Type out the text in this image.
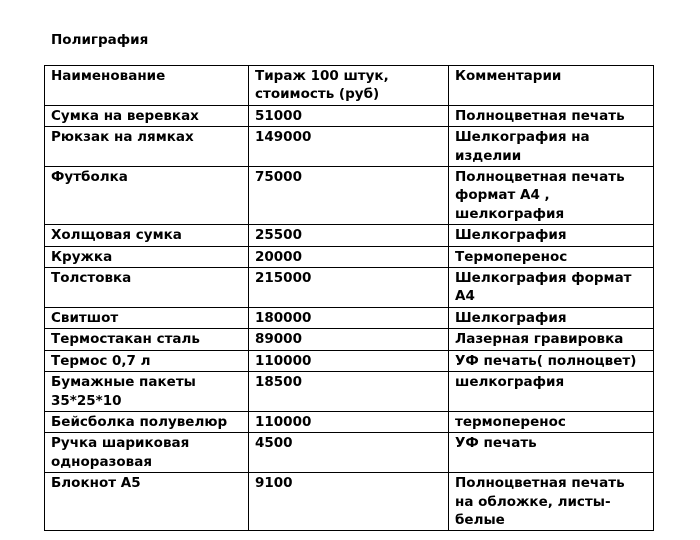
Полиграфия
Наименование	Тираж 100 штук, стоимость (руб)	Комментарии
Сумка на веревках	51000	Полноцветная печать
Рюкзак на лямках	149000	Шелкография на изделии
Футболка	75000	Полноцветная печать формат А4 , шелкография
Холщовая сумка	25500	Шелкография
Кружка	20000	Термоперенос
Толстовка	215000	Шелкография формат А4
Свитшот	180000	Шелкография
Термостакан сталь	89000	Лазерная гравировка
Термос 0,7 л	110000	УФ печать( полноцвет)
Бумажные пакеты 35*25*10	18500	шелкография
Бейсболка полувелюр	110000	термоперенос
Ручка шариковая одноразовая	4500	УФ печать
Блокнот А5	9100	Полноцветная печать на обложке, листы-белые
